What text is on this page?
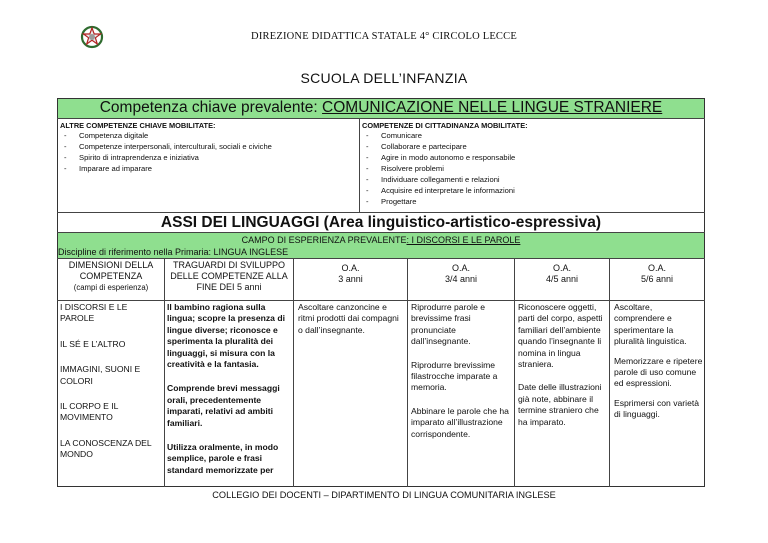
DIREZIONE DIDATTICA STATALE 4° CIRCOLO LECCE
SCUOLA DELL’INFANZIA
Competenza chiave prevalente: COMUNICAZIONE NELLE LINGUE STRANIERE
ALTRE COMPETENZE CHIAVE MOBILITATE:
- Competenza digitale
- Competenze interpersonali, interculturali, sociali e civiche
- Spirito di intraprendenza e iniziativa
- Imparare ad imparare
COMPETENZE DI CITTADINANZA MOBILITATE:
- Comunicare
- Collaborare e partecipare
- Agire in modo autonomo e responsabile
- Risolvere problemi
- Individuare collegamenti e relazioni
- Acquisire ed interpretare le informazioni
- Progettare
ASSI DEI LINGUAGGI (Area linguistico-artistico-espressiva)
CAMPO DI ESPERIENZA PREVALENTE: I DISCORSI E LE PAROLE
Discipline di riferimento nella Primaria: LINGUA INGLESE
DIMENSIONI DELLA
COMPETENZA
(campi di esperienza)
TRAGUARDI DI SVILUPPO
DELLE COMPETENZE ALLA
FINE DEI 5 anni
O.A.
3 anni
O.A.
3/4 anni
O.A.
4/5 anni
O.A.
5/6 anni

I DISCORSI E LE PAROLE

IL SÉ E L’ALTRO

IMMAGINI, SUONI E COLORI

IL CORPO E IL MOVIMENTO

LA CONOSCENZA DEL MONDO

Il bambino ragiona sulla lingua; scopre la presenza di lingue diverse; riconosce e sperimenta la pluralità dei linguaggi, si misura con la creatività e la fantasia.

Comprende brevi messaggi orali, precedentemente imparati, relativi ad ambiti familiari.

Utilizza oralmente, in modo semplice, parole e frasi standard memorizzate per

Ascoltare canzoncine e ritmi prodotti dai compagni o dall’insegnante.

Riprodurre parole e brevissime frasi pronunciate dall’insegnante.

Riprodurre brevissime filastrocche imparate a memoria.

Abbinare le parole che ha imparato all’illustrazione corrispondente.

Riconoscere oggetti, parti del corpo, aspetti familiari dell’ambiente quando l’insegnante li nomina in lingua straniera.

Date delle illustrazioni già note, abbinare il termine straniero che ha imparato.

Ascoltare, comprendere e sperimentare la pluralità linguistica.

Memorizzare e ripetere parole di uso comune ed espressioni.

Esprimersi con varietà di linguaggi.

COLLEGIO DEI DOCENTI – DIPARTIMENTO DI LINGUA COMUNITARIA INGLESE
